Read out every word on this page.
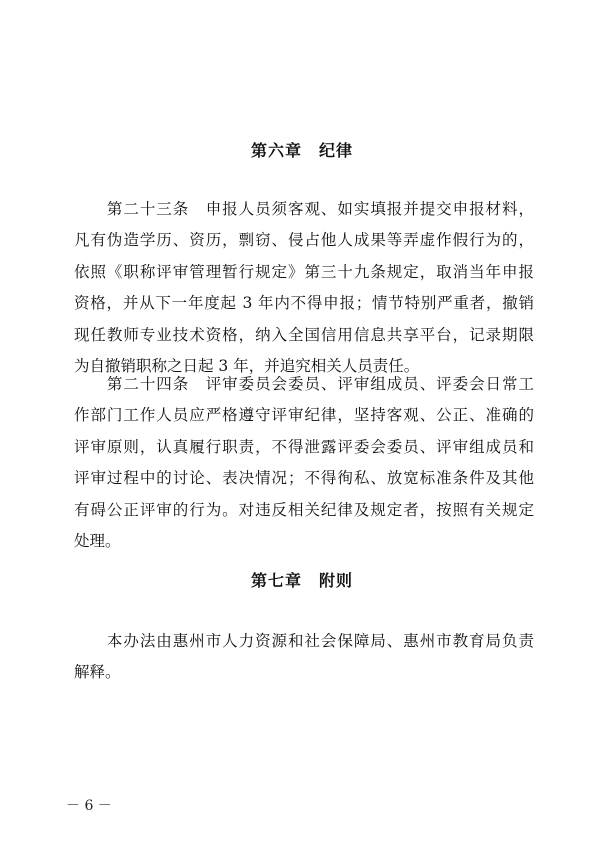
第六章　纪律
　　第二十三条　申报人员须客观、如实填报并提交申报材料，
凡有伪造学历、资历，剽窃、侵占他人成果等弄虚作假行为的，
依照《职称评审管理暂行规定》第三十九条规定，取消当年申报
资格，并从下一年度起 3 年内不得申报；情节特别严重者，撤销
现任教师专业技术资格，纳入全国信用信息共享平台，记录期限
为自撤销职称之日起 3 年，并追究相关人员责任。
　　第二十四条　评审委员会委员、评审组成员、评委会日常工
作部门工作人员应严格遵守评审纪律，坚持客观、公正、准确的
评审原则，认真履行职责，不得泄露评委会委员、评审组成员和
评审过程中的讨论、表决情况；不得徇私、放宽标准条件及其他
有碍公正评审的行为。对违反相关纪律及规定者，按照有关规定
处理。
第七章　附则
　　本办法由惠州市人力资源和社会保障局、惠州市教育局负责
解释。
－ 6 －
